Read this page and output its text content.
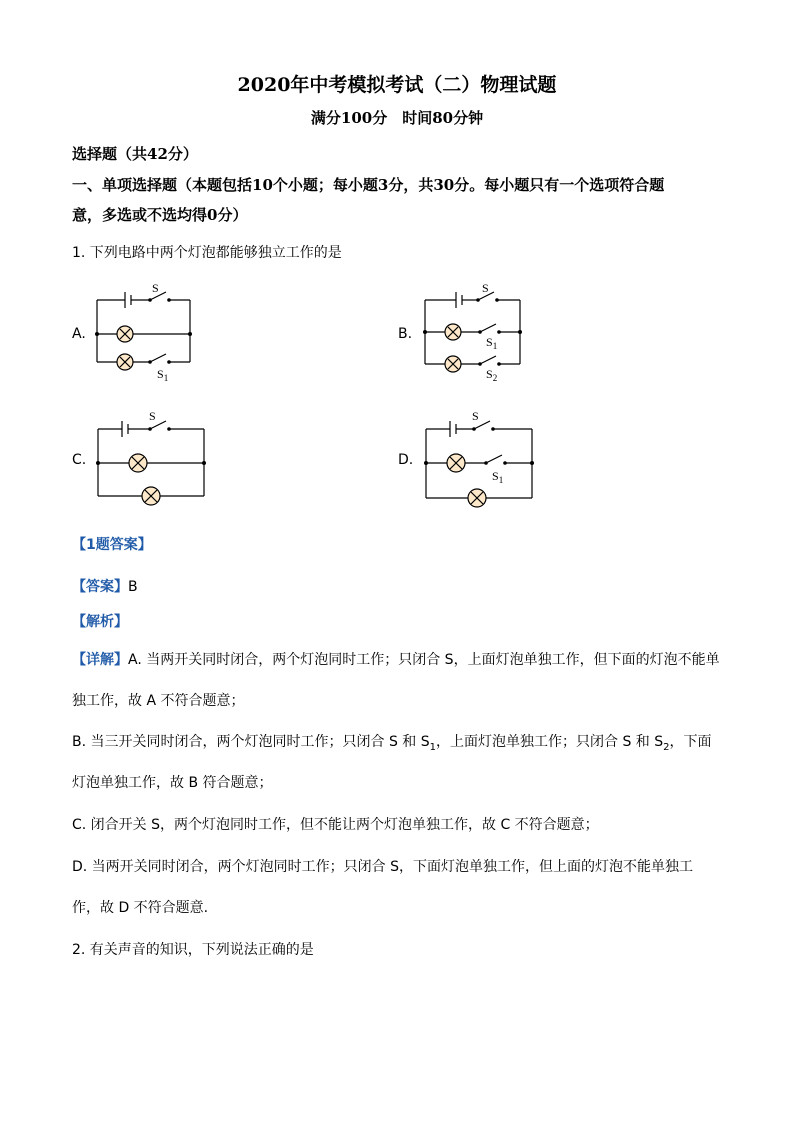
2020年中考模拟考试（二）物理试题
满分100分　时间80分钟
选择题（共42分）
一、单项选择题（本题包括10个小题；每小题3分，共30分。每小题只有一个选项符合题
意，多选或不选均得0分）
1. 下列电路中两个灯泡都能够独立工作的是
A.
S
$S_1$
B.
S
$S_1$
$S_2$
C.
S
D.
S
$S_1$
【1题答案】
【答案】B
【解析】
【详解】A. 当两开关同时闭合，两个灯泡同时工作；只闭合 S，上面灯泡单独工作，但下面的灯泡不能单
独工作，故 A 不符合题意；
B. 当三开关同时闭合，两个灯泡同时工作；只闭合 S 和 $S_1$，上面灯泡单独工作；只闭合 S 和 $S_2$，下面
灯泡单独工作，故 B 符合题意；
C. 闭合开关 S，两个灯泡同时工作，但不能让两个灯泡单独工作，故 C 不符合题意；
D. 当两开关同时闭合，两个灯泡同时工作；只闭合 S，下面灯泡单独工作，但上面的灯泡不能单独工
作，故 D 不符合题意.
2. 有关声音的知识，下列说法正确的是
